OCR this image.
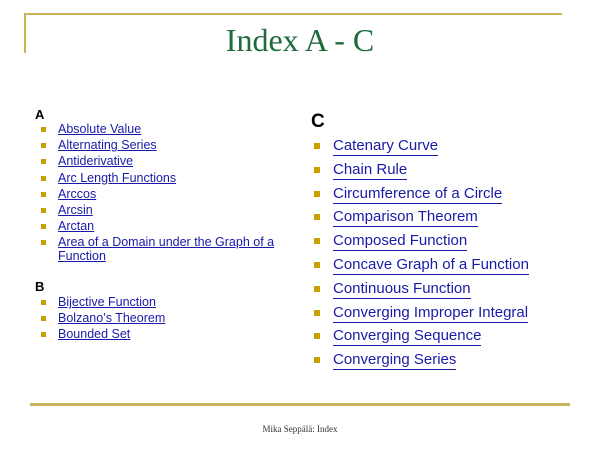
Index A - C
A
Absolute Value
Alternating Series
Antiderivative
Arc Length Functions
Arccos
Arcsin
Arctan
Area of a Domain under the Graph of a Function
B
Bijective Function
Bolzano’s Theorem
Bounded Set
C
Catenary Curve
Chain Rule
Circumference of a Circle
Comparison Theorem
Composed Function
Concave Graph of a Function
Continuous Function
Converging Improper Integral
Converging Sequence
Converging Series
Mika Seppälä: Index
